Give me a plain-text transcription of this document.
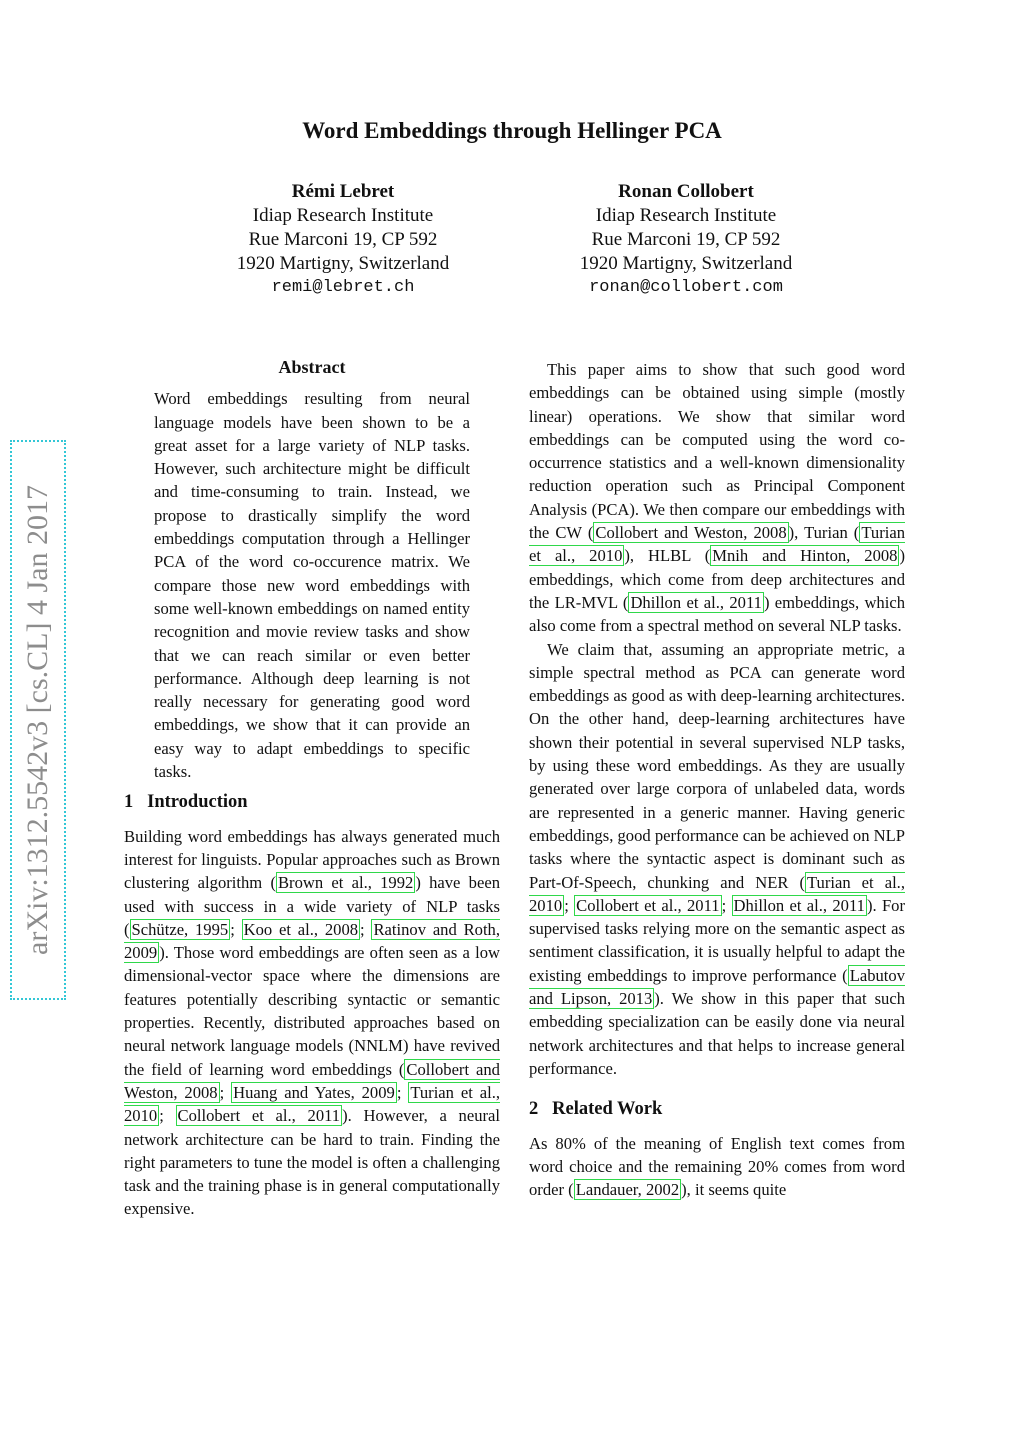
Word Embeddings through Hellinger PCA
Rémi Lebret
Idiap Research Institute
Rue Marconi 19, CP 592
1920 Martigny, Switzerland
remi@lebret.ch
Ronan Collobert
Idiap Research Institute
Rue Marconi 19, CP 592
1920 Martigny, Switzerland
ronan@collobert.com
arXiv:1312.5542v3 [cs.CL] 4 Jan 2017
Abstract

Word embeddings resulting from neural language models have been shown to be a great asset for a large variety of NLP tasks. However, such architecture might be difficult and time-consuming to train. Instead, we propose to drastically simplify the word embeddings computation through a Hellinger PCA of the word co-occurence matrix. We compare those new word embeddings with some well-known embeddings on named entity recognition and movie review tasks and show that we can reach similar or even better performance. Although deep learning is not really necessary for generating good word embeddings, we show that it can provide an easy way to adapt embeddings to specific tasks.

1 Introduction

Building word embeddings has always generated much interest for linguists. Popular approaches such as Brown clustering algorithm ( Brown et al., 1992 ) have been used with success in a wide variety of NLP tasks ( Schütze, 1995 ; Koo et al., 2008 ; Ratinov and Roth, 2009 ). Those word embeddings are often seen as a low dimensional-vector space where the dimensions are features potentially describing syntactic or semantic properties. Recently, distributed approaches based on neural network language models (NNLM) have revived the field of learning word embeddings ( Collobert and Weston, 2008 ; Huang and Yates, 2009 ; Turian et al., 2010 ; Collobert et al., 2011 ). However, a neural network architecture can be hard to train. Finding the right parameters to tune the model is often a challenging task and the training phase is in general computationally expensive.

This paper aims to show that such good word embeddings can be obtained using simple (mostly linear) operations. We show that similar word embeddings can be computed using the word co-occurrence statistics and a well-known dimensionality reduction operation such as Principal Component Analysis (PCA). We then compare our embeddings with the CW ( Collobert and Weston, 2008 ), Turian ( Turian et al., 2010 ), HLBL ( Mnih and Hinton, 2008 ) embeddings, which come from deep architectures and the LR-MVL ( Dhillon et al., 2011 ) embeddings, which also come from a spectral method on several NLP tasks.

We claim that, assuming an appropriate metric, a simple spectral method as PCA can generate word embeddings as good as with deep-learning architectures. On the other hand, deep-learning architectures have shown their potential in several supervised NLP tasks, by using these word embeddings. As they are usually generated over large corpora of unlabeled data, words are represented in a generic manner. Having generic embeddings, good performance can be achieved on NLP tasks where the syntactic aspect is dominant such as Part-Of-Speech, chunking and NER ( Turian et al., 2010 ; Collobert et al., 2011 ; Dhillon et al., 2011 ). For supervised tasks relying more on the semantic aspect as sentiment classification, it is usually helpful to adapt the existing embeddings to improve performance ( Labutov and Lipson, 2013 ). We show in this paper that such embedding specialization can be easily done via neural network architectures and that helps to increase general performance.

2 Related Work

As 80% of the meaning of English text comes from word choice and the remaining 20% comes from word order ( Landauer, 2002 ), it seems quite
